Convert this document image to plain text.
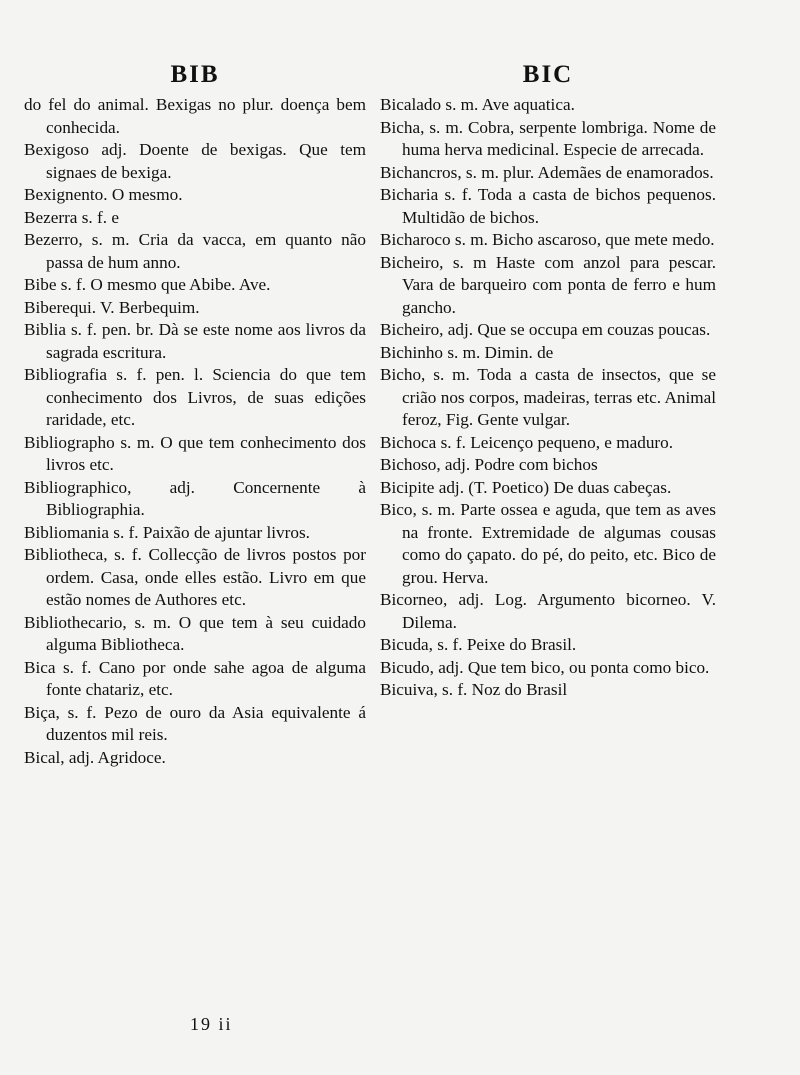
BIB
do fel do animal. Bexigas no plur. doença bem conhecida.
Bexigoso adj. Doente de bexigas. Que tem signaes de bexiga.
Bexignento. O mesmo.
Bezerra s. f. e
Bezerro, s. m. Cria da vacca, em quanto não passa de hum anno.
Bibe s. f. O mesmo que Abibe. Ave.
Biberequi. V. Berbequim.
Biblia s. f. pen. br. Dà se este nome aos livros da sagrada escritura.
Bibliografia s. f. pen. l. Sciencia do que tem conhecimento dos Livros, de suas edições raridade, etc.
Bibliographo s. m. O que tem conhecimento dos livros etc.
Bibliographico, adj. Concernente à Bibliographia.
Bibliomania s. f. Paixão de ajuntar livros.
Bibliotheca, s. f. Collecção de livros postos por ordem. Casa, onde elles estão. Livro em que estão nomes de Authores etc.
Bibliothecario, s. m. O que tem à seu cuidado alguma Bibliotheca.
Bica s. f. Cano por onde sahe agoa de alguma fonte chatariz, etc.
Biça, s. f. Pezo de ouro da Asia equivalente á duzentos mil reis.
Bical, adj. Agridoce.
BIC
Bicalado s. m. Ave aquatica.
Bicha, s. m. Cobra, serpente lombriga. Nome de huma herva medicinal. Especie de arrecada.
Bichancros, s. m. plur. Ademães de enamorados.
Bicharia s. f. Toda a casta de bichos pequenos. Multidão de bichos.
Bicharoco s. m. Bicho ascaroso, que mete medo.
Bicheiro, s. m Haste com anzol para pescar. Vara de barqueiro com ponta de ferro e hum gancho.
Bicheiro, adj. Que se occupa em couzas poucas.
Bichinho s. m. Dimin. de
Bicho, s. m. Toda a casta de insectos, que se crião nos corpos, madeiras, terras etc. Animal feroz, Fig. Gente vulgar.
Bichoca s. f. Leicenço pequeno, e maduro.
Bichoso, adj. Podre com bichos
Bicipite adj. (T. Poetico) De duas cabeças.
Bico, s. m. Parte ossea e aguda, que tem as aves na fronte. Extremidade de algumas cousas como do çapato. do pé, do peito, etc. Bico de grou. Herva.
Bicorneo, adj. Log. Argumento bicorneo. V. Dilema.
Bicuda, s. f. Peixe do Brasil.
Bicudo, adj. Que tem bico, ou ponta como bico.
Bicuiva, s. f. Noz do Brasil
19 ii
